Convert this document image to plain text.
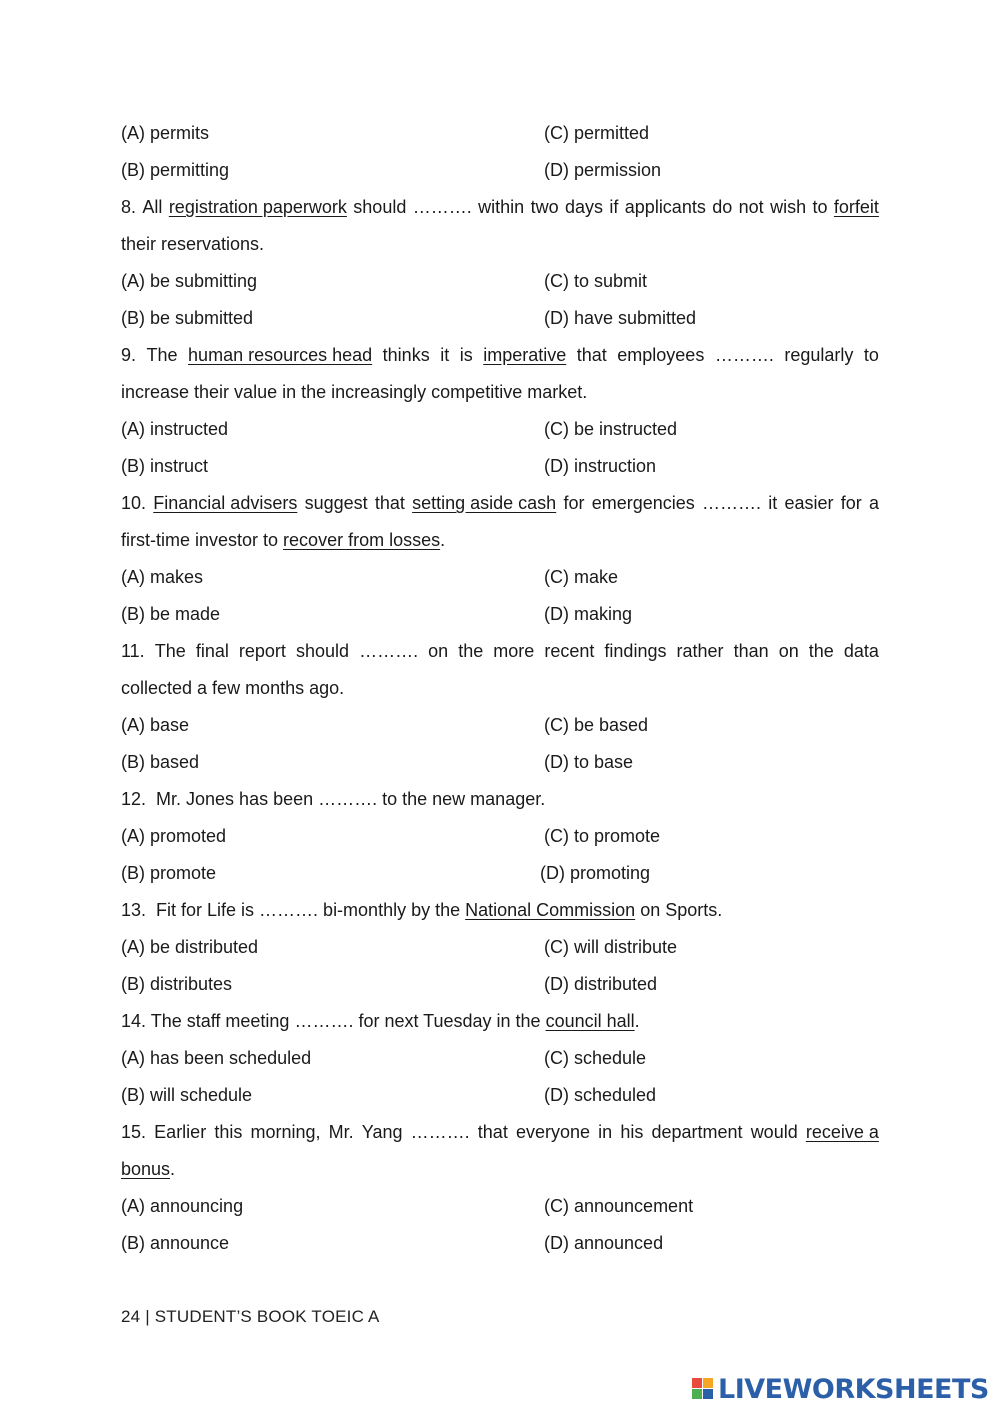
(A) permits	(C) permitted
(B) permitting	(D) permission
8. All registration paperwork should ………. within two days if applicants do not wish to forfeit
their reservations.
(A) be submitting	(C) to submit
(B) be submitted	(D) have submitted
9. The human resources head thinks it is imperative that employees ………. regularly to
increase their value in the increasingly competitive market.
(A) instructed	(C) be instructed
(B) instruct	(D) instruction
10. Financial advisers suggest that setting aside cash for emergencies ………. it easier for a
first-time investor to recover from losses.
(A) makes	(C) make
(B) be made	(D) making
11. The final report should ………. on the more recent findings rather than on the data
collected a few months ago.
(A) base	(C) be based
(B) based	(D) to base
12.  Mr. Jones has been ………. to the new manager.
(A) promoted	(C) to promote
(B) promote	(D) promoting
13.  Fit for Life is ………. bi-monthly by the National Commission on Sports.
(A) be distributed	(C) will distribute
(B) distributes	(D) distributed
14. The staff meeting ………. for next Tuesday in the council hall.
(A) has been scheduled	(C) schedule
(B) will schedule	(D) scheduled
15. Earlier this morning, Mr. Yang ………. that everyone in his department would receive a
bonus.
(A) announcing	(C) announcement
(B) announce	(D) announced
24 | STUDENT’S BOOK TOEIC A
LIVEWORKSHEETS
